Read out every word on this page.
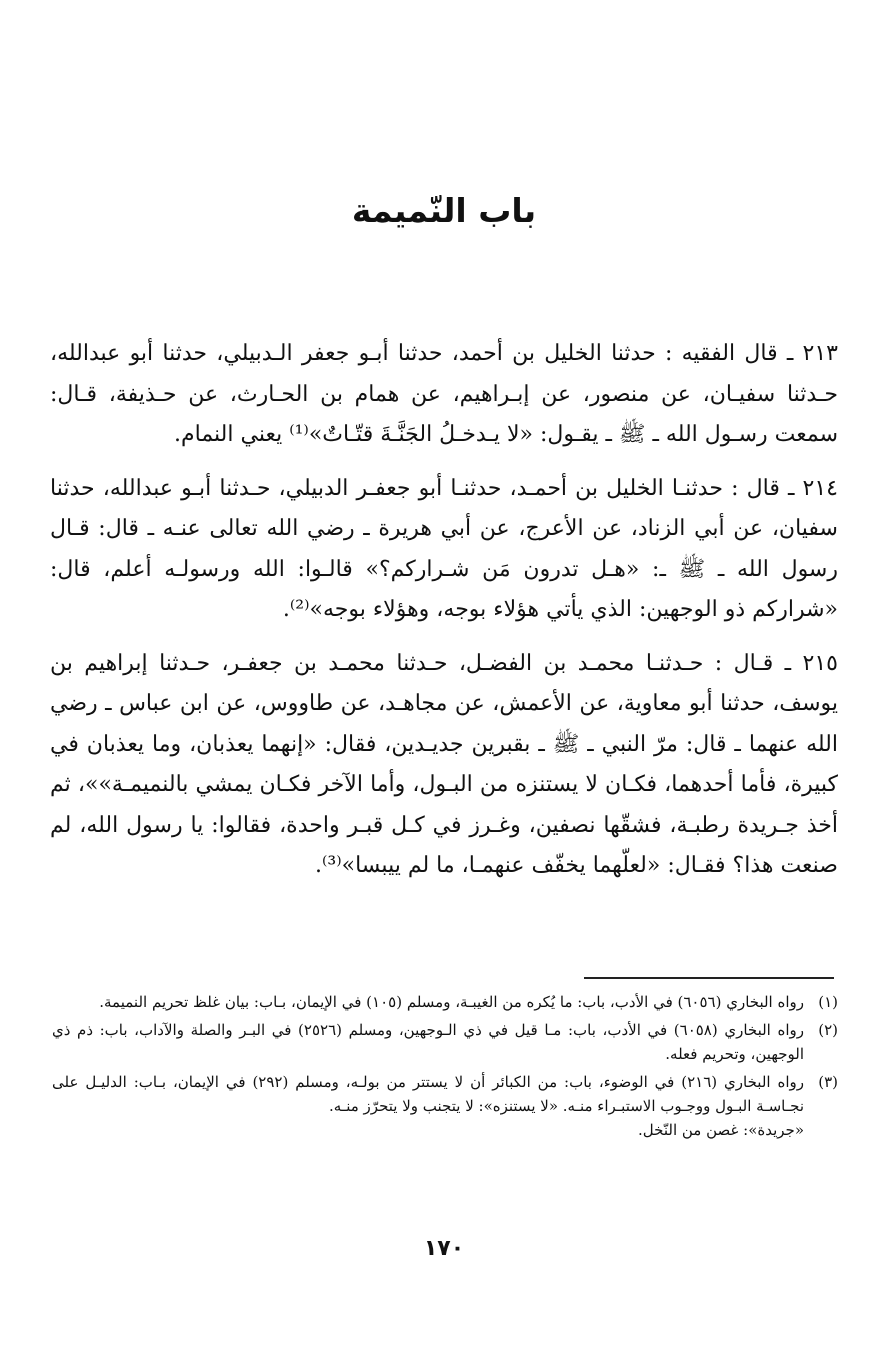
باب النّميمة

٢١٣ ـ قال الفقيه : حدثنا الخليل بن أحمد، حدثنا أبـو جعفر الـدبيلي، حدثنا أبو عبدالله، حـدثنا سفيـان، عن منصور، عن إبـراهيم، عن همام بن الحـارث، عن حـذيفة، قـال: سمعت رسـول الله ـ ﷺ ـ يقـول: «لا يـدخـلُ الجَنَّـةَ قتّـاتٌ»⁽¹⁾ يعني النمام.

٢١٤ ـ قال : حدثنـا الخليل بن أحمـد، حدثنـا أبو جعفـر الدبيلي، حـدثنا أبـو عبدالله، حدثنا سفيان، عن أبي الزناد، عن الأعرج، عن أبي هريرة ـ رضي الله تعالى عنـه ـ قال: قـال رسول الله ـ ﷺ ـ: «هـل تدرون مَن شـراركم؟» قالـوا: الله ورسولـه أعلم، قال: «شراركم ذو الوجهين: الذي يأتي هؤلاء بوجه، وهؤلاء بوجه»⁽²⁾.

٢١٥ ـ قـال : حـدثنـا محمـد بن الفضـل، حـدثنا محمـد بن جعفـر، حـدثنا إبراهيم بن يوسف، حدثنا أبو معاوية، عن الأعمش، عن مجاهـد، عن طاووس، عن ابن عباس ـ رضي الله عنهما ـ قال: مرّ النبي ـ ﷺ ـ بقبرين جديـدين، فقال: «إنهما يعذبان، وما يعذبان في كبيرة، فأما أحدهما، فكـان لا يستنزه من البـول، وأما الآخر فكـان يمشي بالنميمـة»»، ثم أخذ جـريدة رطبـة، فشقّها نصفين، وغـرز في كـل قبـر واحدة، فقالوا: يا رسول الله، لم صنعت هذا؟ فقـال: «لعلّهما يخفّف عنهمـا، ما لم ييبسا»⁽³⁾.

(١)
رواه البخاري (٦٠٥٦) في الأدب، باب: ما يُكره من الغيبـة، ومسلم (١٠٥) في الإيمان، بـاب: بيان غلظ تحريم النميمة.
(٢)
رواه البخاري (٦٠٥٨) في الأدب، باب: مـا قيل في ذي الـوجهين، ومسلم (٢٥٢٦) في البـر والصلة والآداب، باب: ذم ذي الوجهين، وتحريم فعله.
(٣)
رواه البخاري (٢١٦) في الوضوء، باب: من الكبائر أن لا يستتر من بولـه، ومسلم (٢٩٢) في الإيمان، بـاب: الدليـل على نجـاسـة البـول ووجـوب الاستبـراء منـه. «لا يستنزه»: لا يتجنب ولا يتحرّز منـه.
«جريدة»: غصن من النّخل.
١٧٠
